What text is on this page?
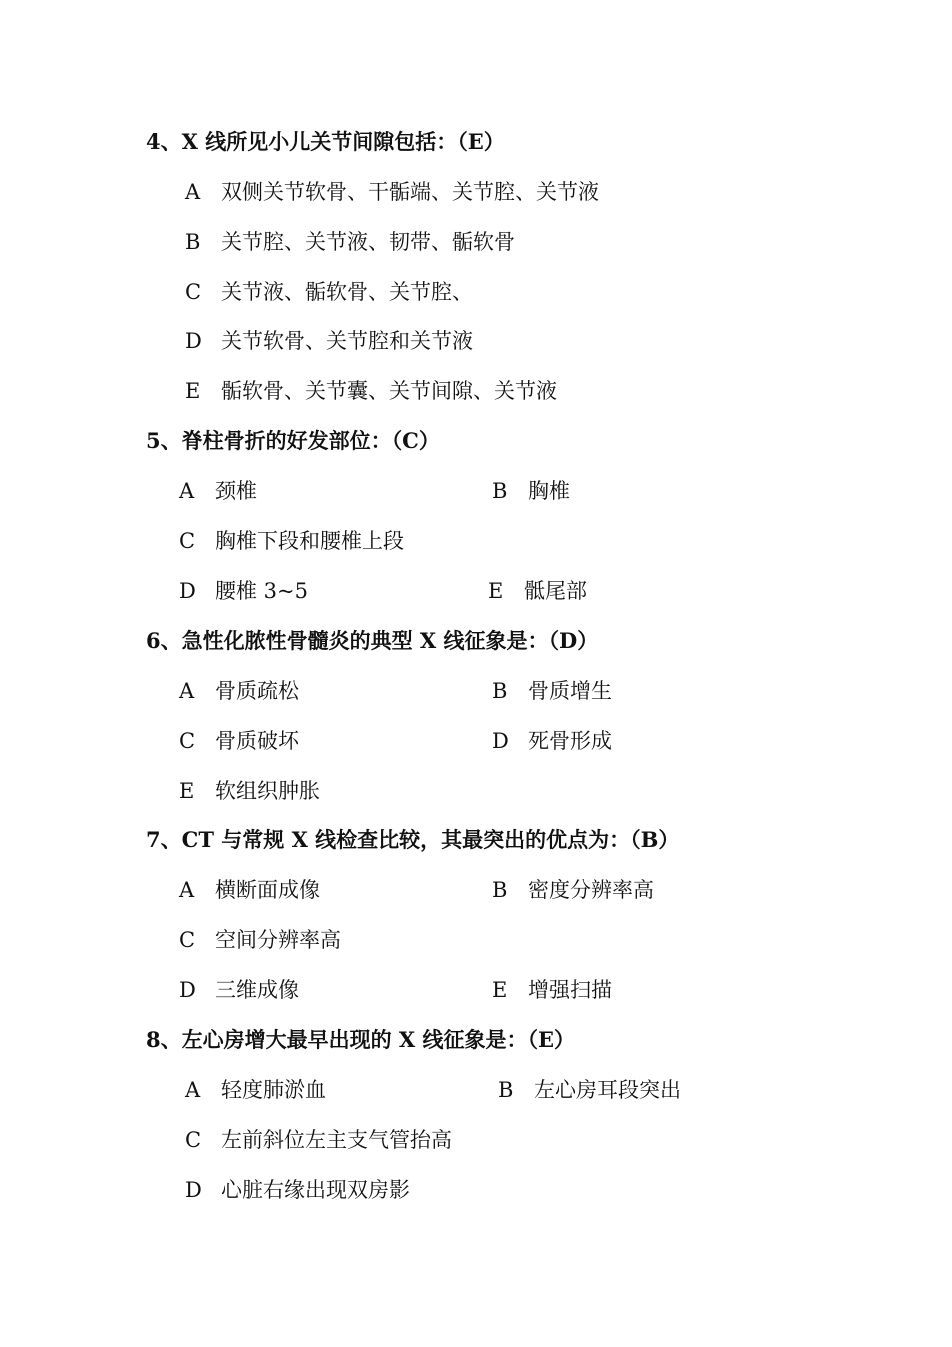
4、X 线所见小儿关节间隙包括：（E）
A 双侧关节软骨、干骺端、关节腔、关节液
B 关节腔、关节液、韧带、骺软骨
C 关节液、骺软骨、关节腔、
D 关节软骨、关节腔和关节液
E 骺软骨、关节囊、关节间隙、关节液
5、脊柱骨折的好发部位：（C）
A 颈椎	B 胸椎
C 胸椎下段和腰椎上段
D 腰椎 3~5	E 骶尾部
6、急性化脓性骨髓炎的典型 X 线征象是：（D）
A 骨质疏松	B 骨质增生
C 骨质破坏	D 死骨形成
E 软组织肿胀
7、CT 与常规 X 线检查比较，其最突出的优点为：（B）
A 横断面成像	B 密度分辨率高
C 空间分辨率高
D 三维成像	E 增强扫描
8、左心房增大最早出现的 X 线征象是：（E）
A 轻度肺淤血	B 左心房耳段突出
C 左前斜位左主支气管抬高
D 心脏右缘出现双房影
